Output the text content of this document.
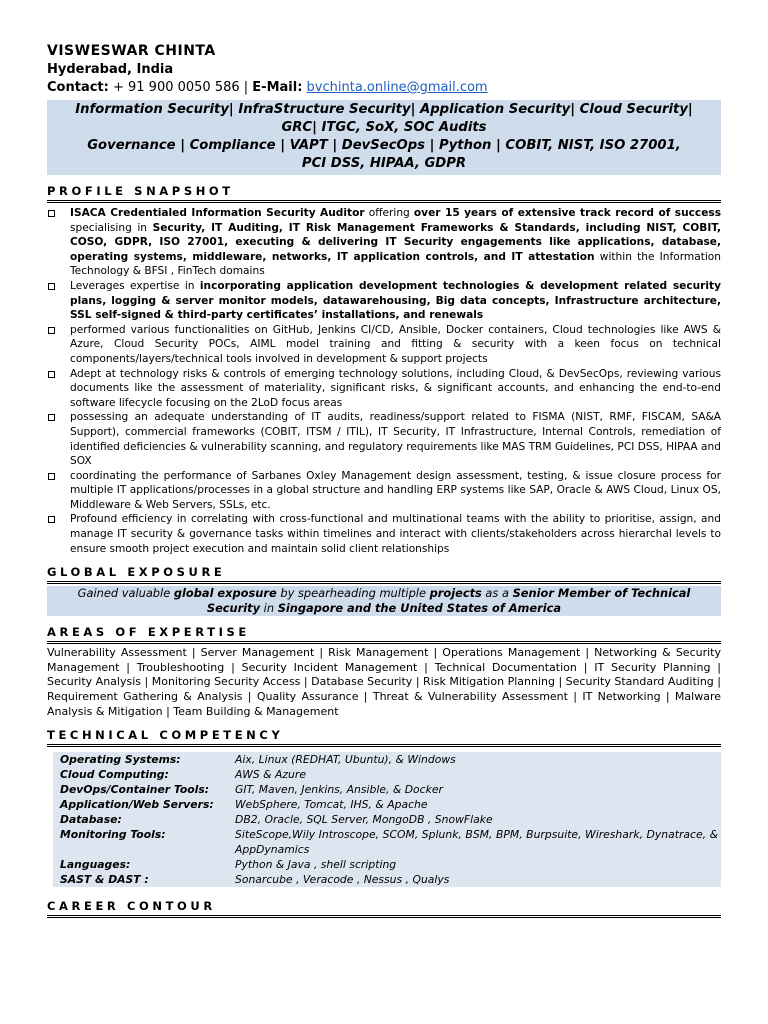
VISWESWAR CHINTA
Hyderabad, India
Contact: + 91 900 0050 586 | E-Mail: bvchinta.online@gmail.com
Information Security| InfraStructure Security| Application Security| Cloud Security|
GRC| ITGC, SoX, SOC Audits
Governance | Compliance | VAPT | DevSecOps | Python | COBIT, NIST, ISO 27001,
PCI DSS, HIPAA, GDPR
PROFILE SNAPSHOT
ISACA Credentialed Information Security Auditor offering over 15 years of extensive track record of success specialising in Security, IT Auditing, IT Risk Management Frameworks & Standards, including NIST, COBIT, COSO, GDPR, ISO 27001, executing & delivering IT Security engagements like applications, database, operating systems, middleware, networks, IT application controls, and IT attestation within the Information Technology & BFSI , FinTech domains
Leverages expertise in incorporating application development technologies & development related security plans, logging & server monitor models, datawarehousing, Big data concepts, Infrastructure architecture, SSL self-signed & third-party certificates’ installations, and renewals
performed various functionalities on GitHub, Jenkins CI/CD, Ansible, Docker containers, Cloud technologies like AWS & Azure, Cloud Security POCs, AIML model training and fitting & security with a keen focus on technical components/layers/technical tools involved in development & support projects
Adept at technology risks & controls of emerging technology solutions, including Cloud, & DevSecOps, reviewing various documents like the assessment of materiality, significant risks, & significant accounts, and enhancing the end-to-end software lifecycle focusing on the 2LoD focus areas
possessing an adequate understanding of IT audits, readiness/support related to FISMA (NIST, RMF, FISCAM, SA&A Support), commercial frameworks (COBIT, ITSM / ITIL), IT Security, IT Infrastructure, Internal Controls, remediation of identified deficiencies & vulnerability scanning, and regulatory requirements like MAS TRM Guidelines, PCI DSS, HIPAA and SOX
coordinating the performance of Sarbanes Oxley Management design assessment, testing, & issue closure process for multiple IT applications/processes in a global structure and handling ERP systems like SAP, Oracle & AWS Cloud, Linux OS, Middleware & Web Servers, SSLs, etc.
Profound efficiency in correlating with cross-functional and multinational teams with the ability to prioritise, assign, and manage IT security & governance tasks within timelines and interact with clients/stakeholders across hierarchal levels to ensure smooth project execution and maintain solid client relationships
GLOBAL EXPOSURE
Gained valuable global exposure by spearheading multiple projects as a Senior Member of Technical Security in Singapore and the United States of America
AREAS OF EXPERTISE
Vulnerability Assessment | Server Management | Risk Management | Operations Management | Networking & Security Management | Troubleshooting | Security Incident Management | Technical Documentation | IT Security Planning | Security Analysis | Monitoring Security Access | Database Security | Risk Mitigation Planning | Security Standard Auditing | Requirement Gathering & Analysis | Quality Assurance | Threat & Vulnerability Assessment | IT Networking | Malware Analysis & Mitigation | Team Building & Management
TECHNICAL COMPETENCY
Operating Systems:	Aix, Linux (REDHAT, Ubuntu), & Windows
Cloud Computing:	AWS & Azure
DevOps/Container Tools:	GIT, Maven, Jenkins, Ansible, & Docker
Application/Web Servers:	WebSphere, Tomcat, IHS, & Apache
Database:	DB2, Oracle, SQL Server, MongoDB , SnowFlake
Monitoring Tools:	SiteScope,Wily Introscope, SCOM, Splunk, BSM, BPM, Burpsuite, Wireshark, Dynatrace, & AppDynamics
Languages:	Python & Java , shell scripting
SAST & DAST :	Sonarcube , Veracode , Nessus , Qualys
CAREER CONTOUR
